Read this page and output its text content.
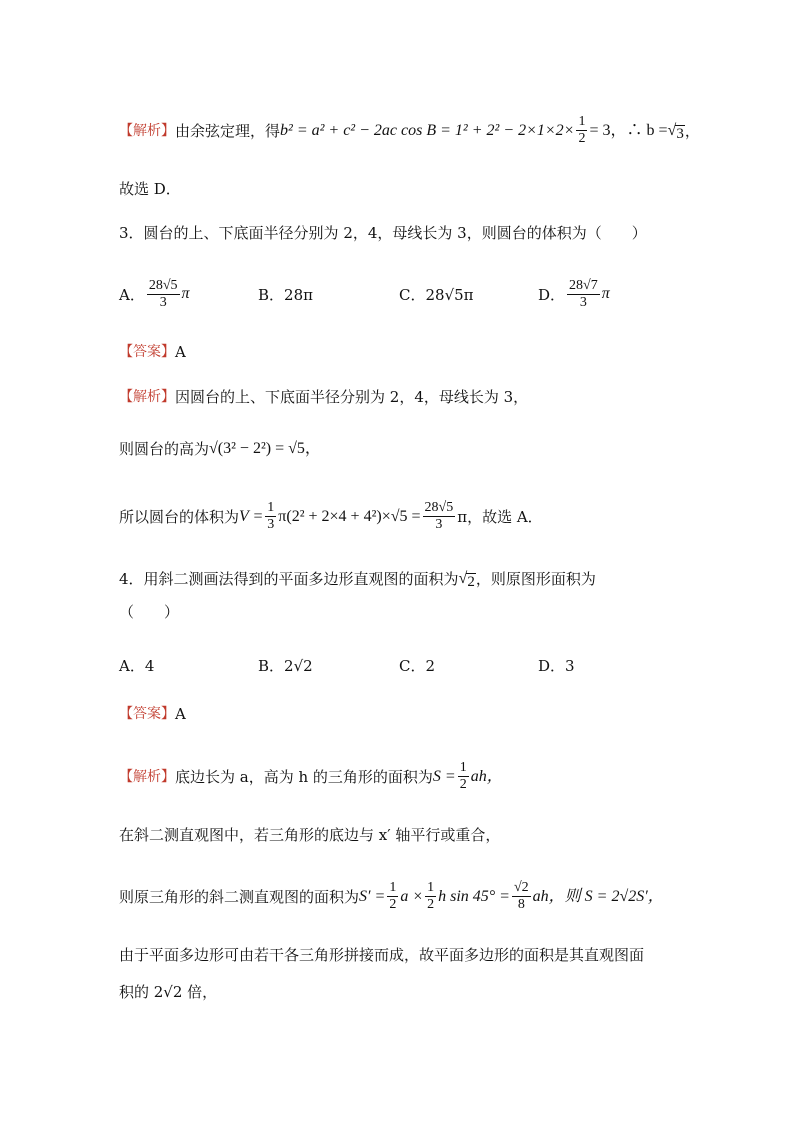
【解析】 由余弦定理，得 b² = a² + c² − 2ac $\cos B = 1^2 + 2^2 - 2\times 1\times 2\times \frac{1}{2} = 3$，∴ b = √ 3 ，
故选 D．
3．圆台的上、下底面半径分别为 2，4，母线长为 3，则圆台的体积为（　　）
A． $\frac{28√5}{3}$ π	B．28π	C．28√5π	D． $\frac{28√7}{3}$ π
【答案】 A
【解析】 因圆台的上、下底面半径分别为 2，4，母线长为 3，
则圆台的高为 √(3² − 2²) = √5，
所以圆台的体积为 $V = \frac{1}{3} \pi(2^2 + 2\times 4 + 4^2)\times√5 = \frac{28√5}{3}$ π，故选 A．
4．用斜二测画法得到的平面多边形直观图的面积为 √ 2 ，则原图形面积为
（　　）
A．4	B．2√2	C．2	D．3
【答案】 A
【解析】 底边长为 a，高为 h 的三角形的面积为 $S = \frac{1}{2}$ ah，
在斜二测直观图中，若三角形的底边与 x′ 轴平行或重合，
则原三角形的斜二测直观图的面积为 $S' = \frac{1}{2}$ $a \times \frac{1}{2}$ h $\sin 45^\circ = \frac{√2}{8}$ ah，则 S = 2√2S′，
由于平面多边形可由若干各三角形拼接而成，故平面多边形的面积是其直观图面
积的 2√2 倍，
